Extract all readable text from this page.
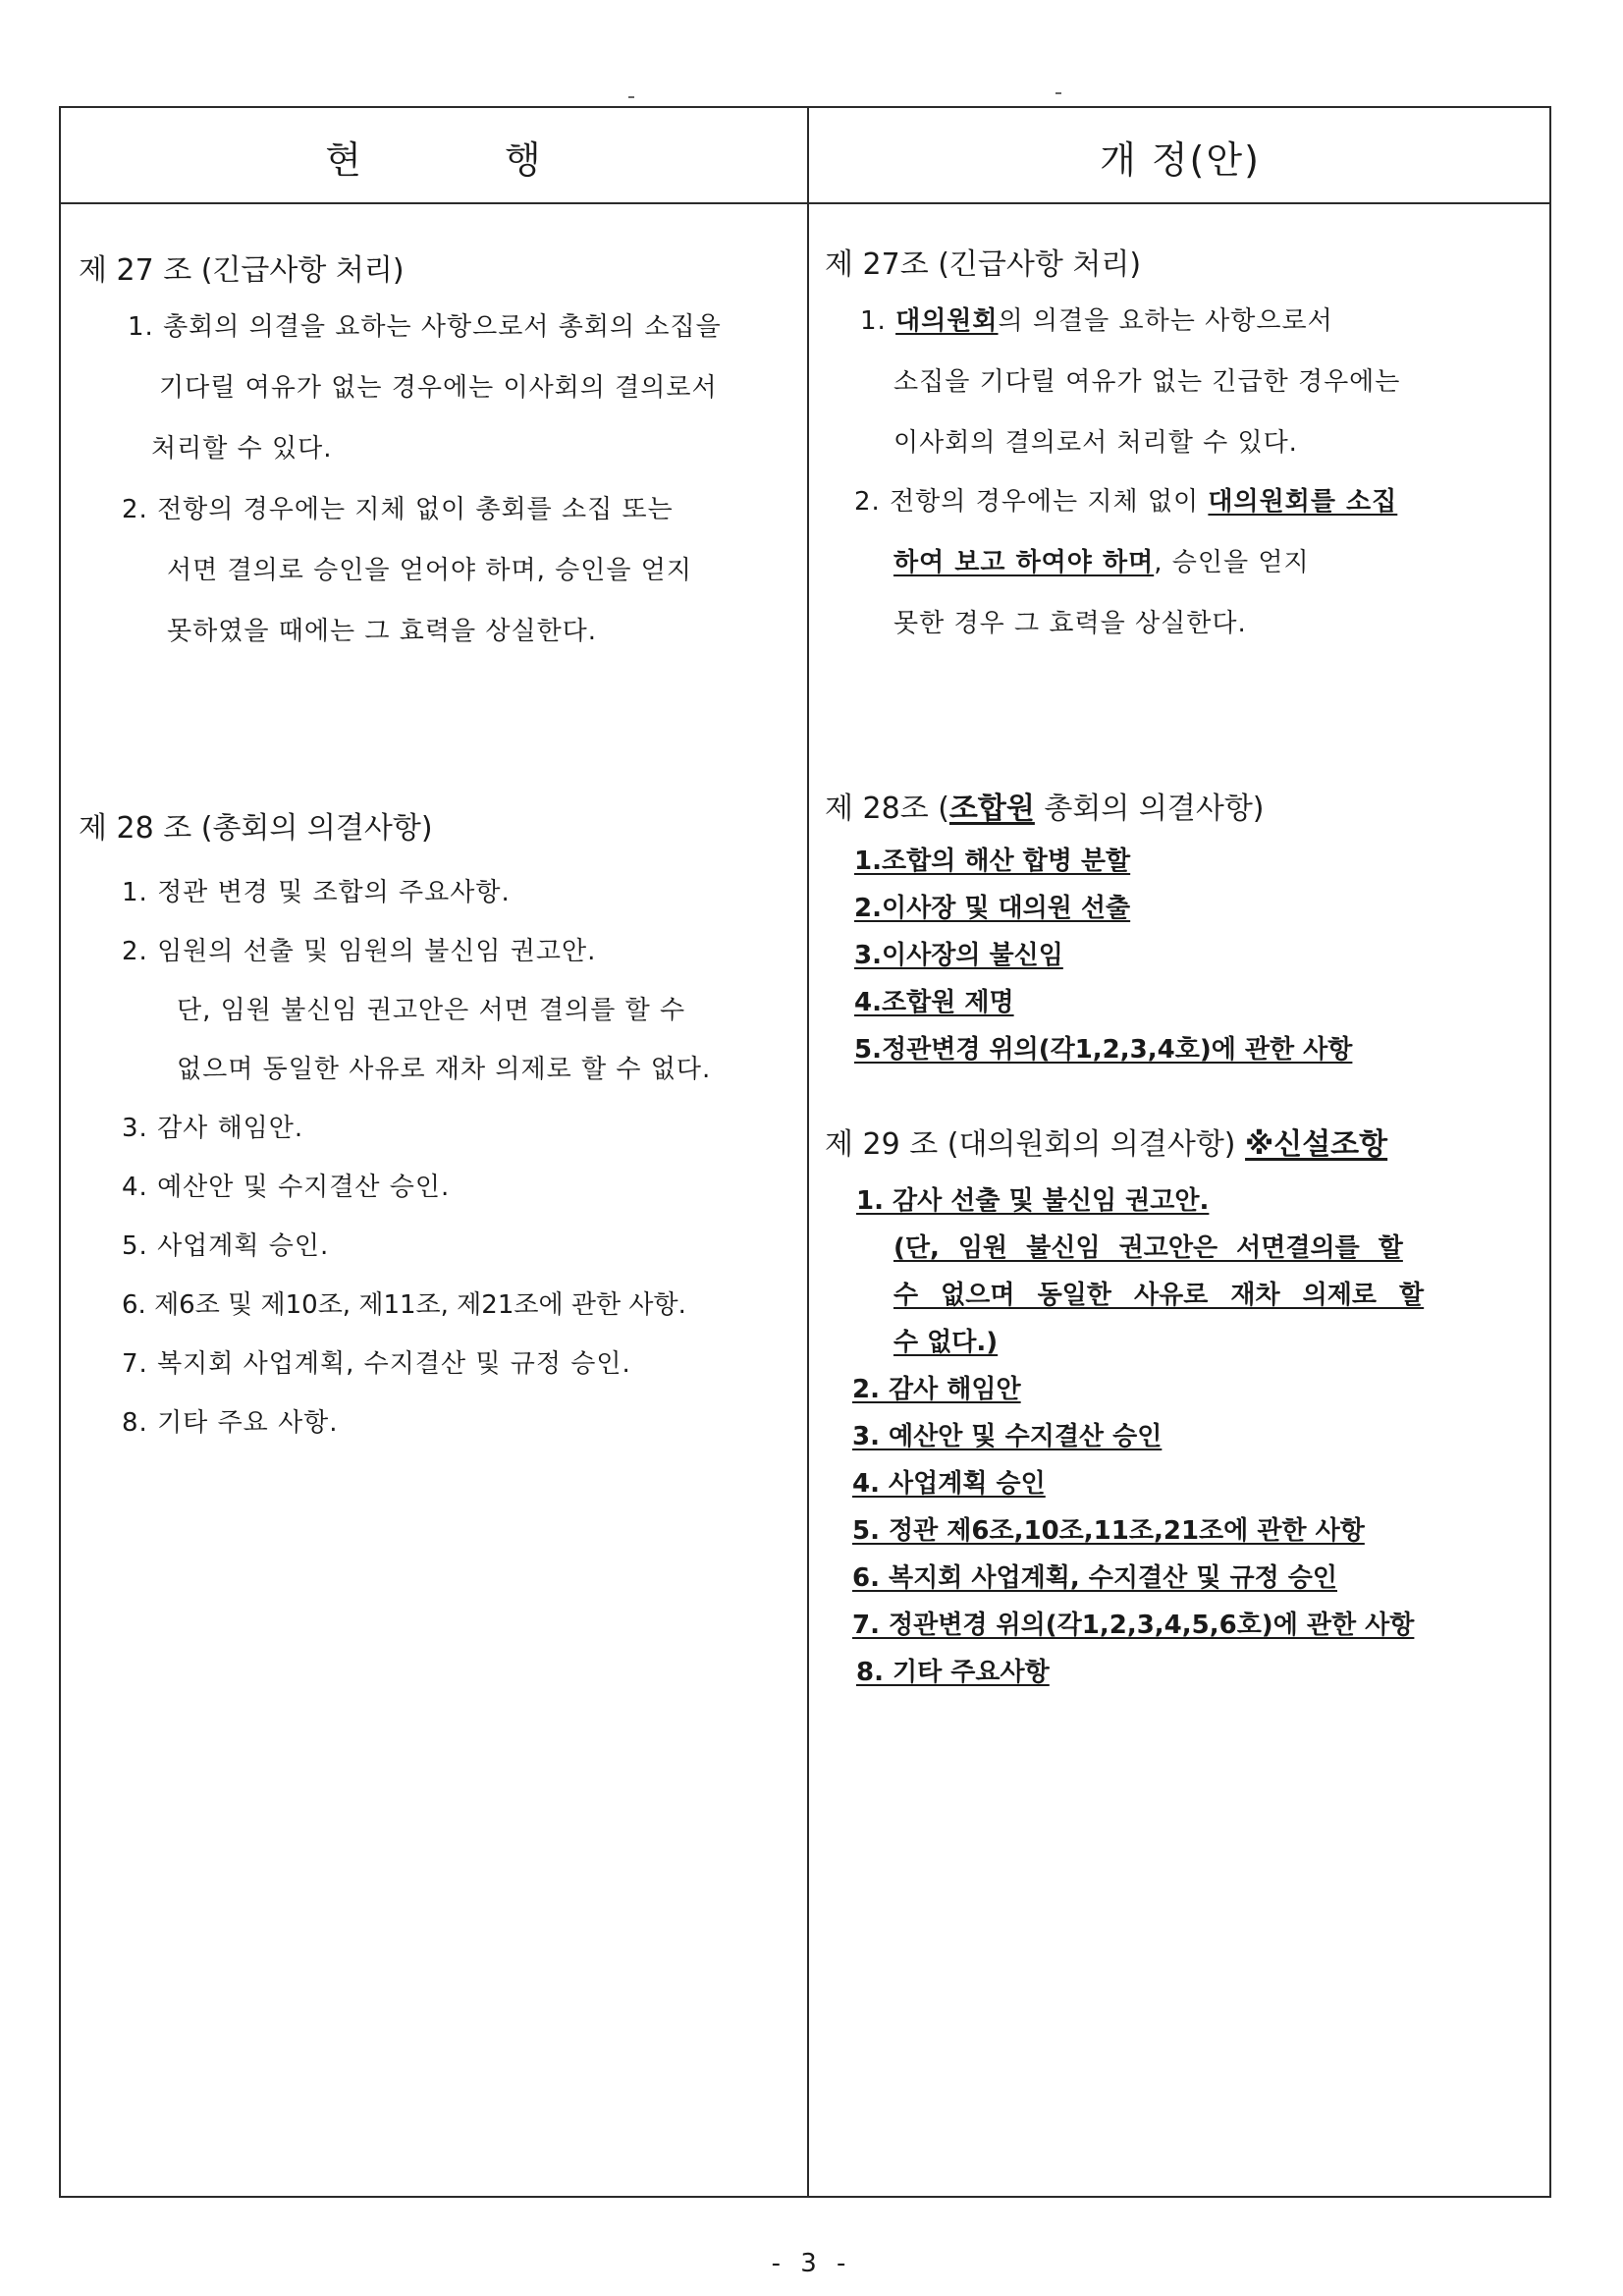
현 행	개 정(안)
제 27 조 (긴급사항 처리)
1. 총회의 의결을 요하는 사항으로서 총회의 소집을
기다릴 여유가 없는 경우에는 이사회의 결의로서
처리할 수 있다.
2. 전항의 경우에는 지체 없이 총회를 소집 또는
서면 결의로 승인을 얻어야 하며, 승인을 얻지
못하였을 때에는 그 효력을 상실한다.
제 28 조 (총회의 의결사항)
1. 정관 변경 및 조합의 주요사항.
2. 임원의 선출 및 임원의 불신임 권고안.
단, 임원 불신임 권고안은 서면 결의를 할 수
없으며 동일한 사유로 재차 의제로 할 수 없다.
3. 감사 해임안.
4. 예산안 및 수지결산 승인.
5. 사업계획 승인.
6. 제6조 및 제10조, 제11조, 제21조에 관한 사항.
7. 복지회 사업계획, 수지결산 및 규정 승인.
8. 기타 주요 사항.
제 27조 (긴급사항 처리)
1. 대의원회의 의결을 요하는 사항으로서
소집을 기다릴 여유가 없는 긴급한 경우에는
이사회의 결의로서 처리할 수 있다.
2. 전항의 경우에는 지체 없이 대의원회를 소집
하여 보고 하여야 하며, 승인을 얻지
못한 경우 그 효력을 상실한다.
제 28조 (조합원 총회의 의결사항)
1.조합의 해산 합병 분할
2.이사장 및 대의원 선출
3.이사장의 불신임
4.조합원 제명
5.정관변경 위의(각1,2,3,4호)에 관한 사항
제 29 조 (대의원회의 의결사항) ※신설조항
1. 감사 선출 및 불신임 권고안.
(단, 임원 불신임 권고안은 서면결의를 할
수 없으며 동일한 사유로 재차 의제로 할
수 없다.)
2. 감사 해임안
3. 예산안 및 수지결산 승인
4. 사업계획 승인
5. 정관 제6조,10조,11조,21조에 관한 사항
6. 복지회 사업계획, 수지결산 및 규정 승인
7. 정관변경 위의(각1,2,3,4,5,6호)에 관한 사항
8. 기타 주요사항
- 3 -
